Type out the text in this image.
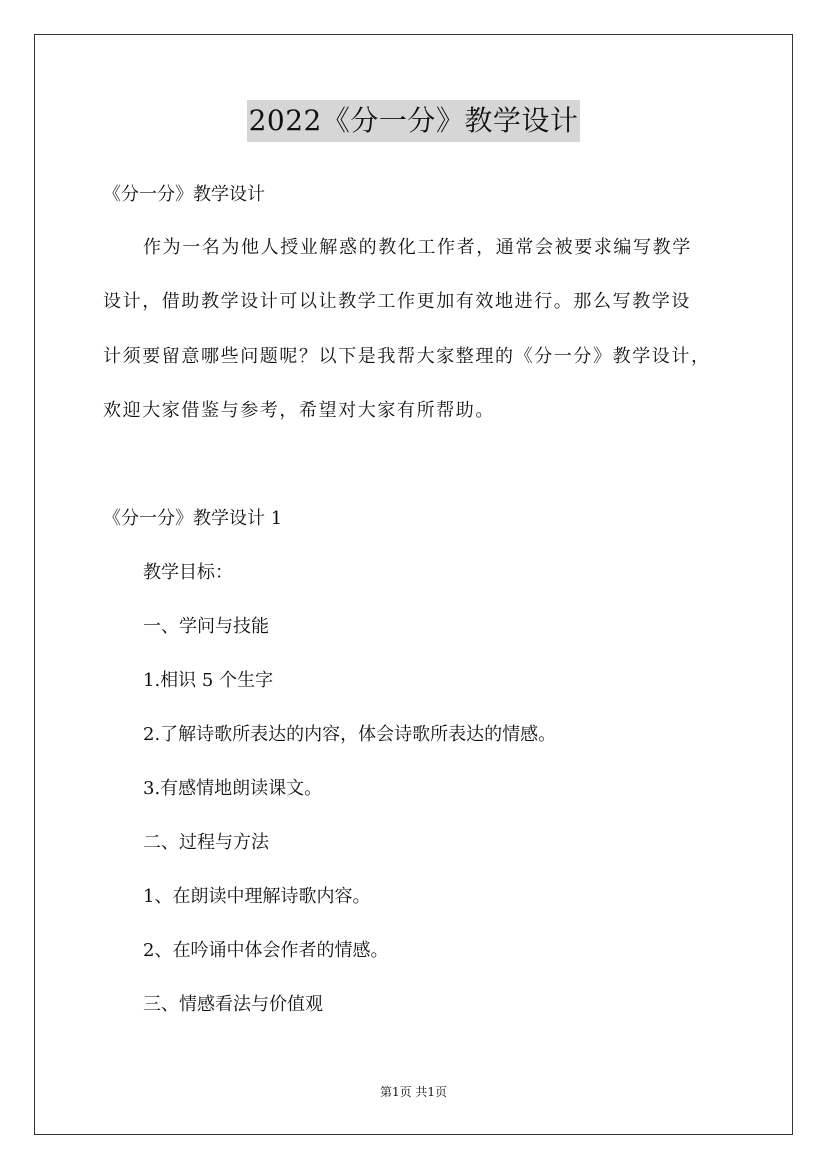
2022《分一分》教学设计
《分一分》教学设计
作为一名为他人授业解惑的教化工作者，通常会被要求编写教学
设计，借助教学设计可以让教学工作更加有效地进行。那么写教学设
计须要留意哪些问题呢？以下是我帮大家整理的《分一分》教学设计，
欢迎大家借鉴与参考，希望对大家有所帮助。
《分一分》教学设计 1
教学目标：
一、学问与技能
1.相识 5 个生字
2.了解诗歌所表达的内容，体会诗歌所表达的情感。
3.有感情地朗读课文。
二、过程与方法
1、在朗读中理解诗歌内容。
2、在吟诵中体会作者的情感。
三、情感看法与价值观
第1页 共1页
